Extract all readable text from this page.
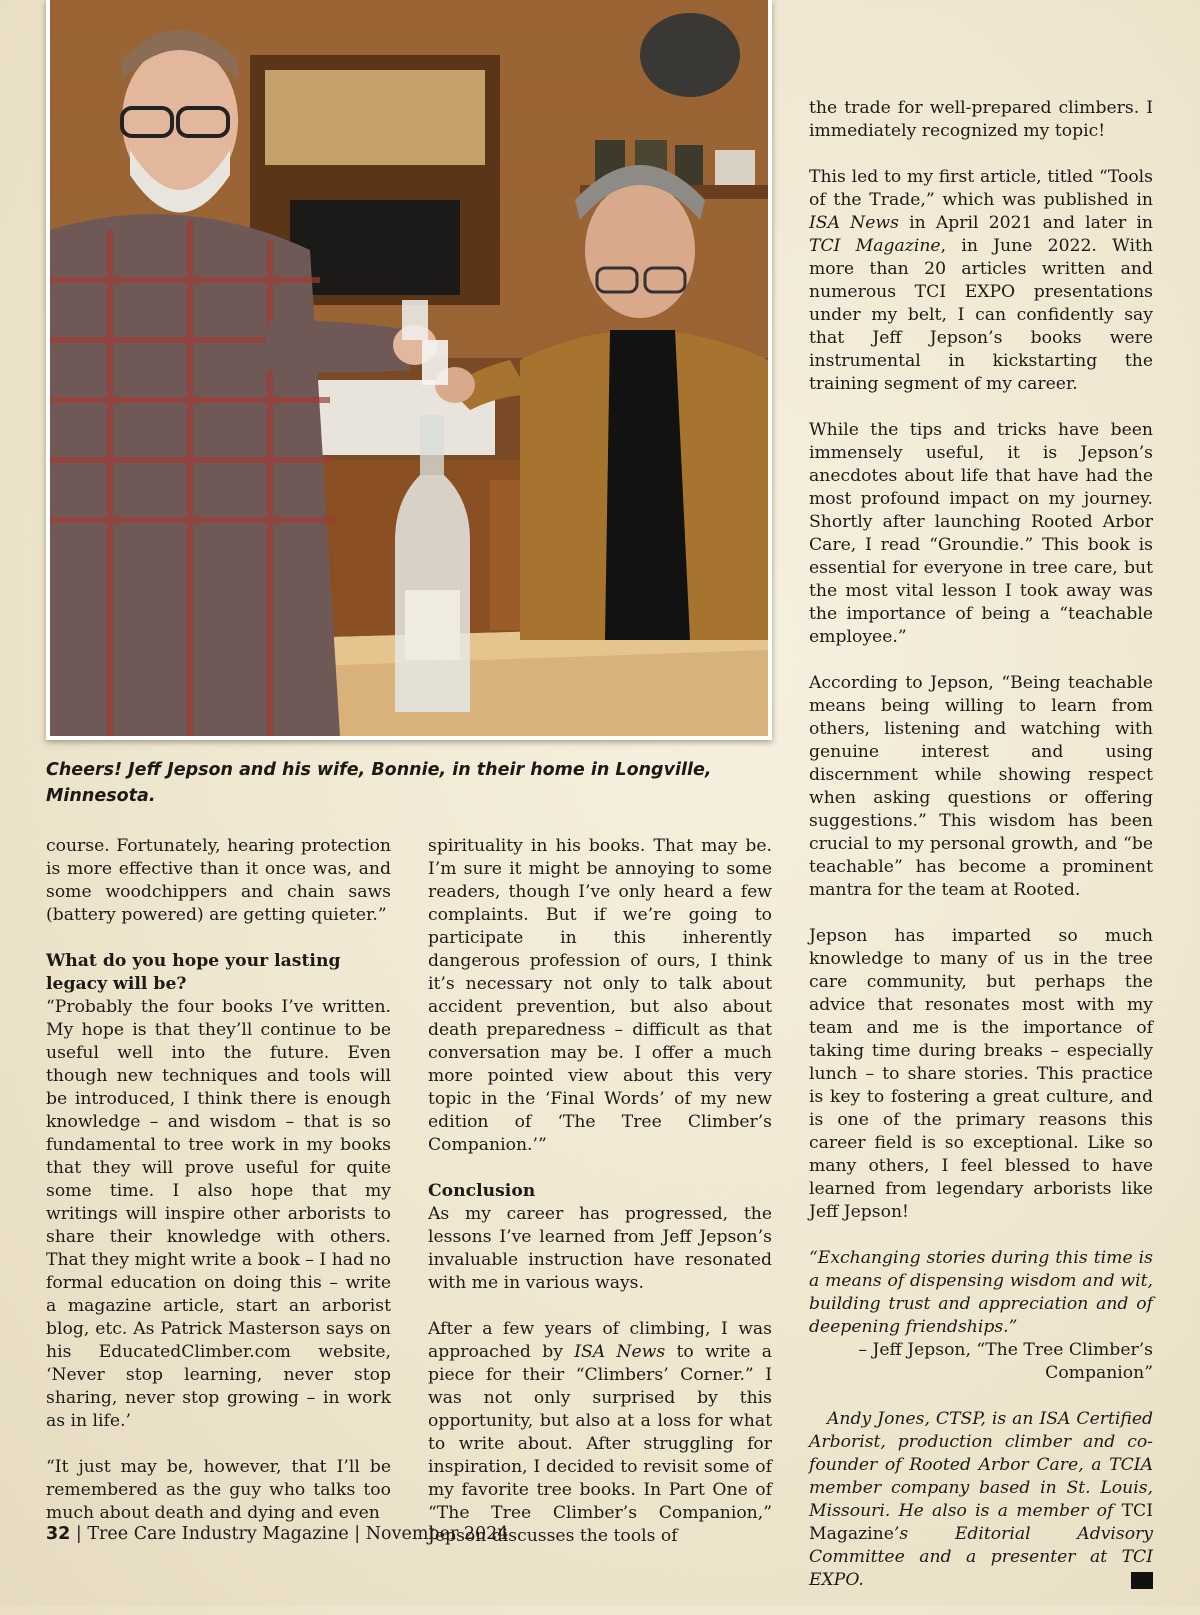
Cheers! Jeff Jepson and his wife, Bonnie, in their home in Longville, Minnesota.

course. Fortunately, hearing protection is more effective than it once was, and some woodchippers and chain saws (battery powered) are getting quieter.”

What do you hope your lasting legacy will be?

“Probably the four books I’ve written. My hope is that they’ll continue to be useful well into the future. Even though new techniques and tools will be introduced, I think there is enough knowledge – and wisdom – that is so fundamental to tree work in my books that they will prove useful for quite some time. I also hope that my writings will inspire other arborists to share their knowledge with others. That they might write a book – I had no formal education on doing this – write a magazine article, start an arborist blog, etc. As Patrick Masterson says on his EducatedClimber.com website, ‘Never stop learning, never stop sharing, never stop growing – in work as in life.’

“It just may be, however, that I’ll be remembered as the guy who talks too much about death and dying and even

spirituality in his books. That may be. I’m sure it might be annoying to some readers, though I’ve only heard a few complaints. But if we’re going to participate in this inherently dangerous profession of ours, I think it’s necessary not only to talk about accident prevention, but also about death preparedness – difficult as that conversation may be. I offer a much more pointed view about this very topic in the ‘Final Words’ of my new edition of ‘The Tree Climber’s Companion.’”

Conclusion

As my career has progressed, the lessons I’ve learned from Jeff Jepson’s invaluable instruction have resonated with me in various ways.

After a few years of climbing, I was approached by ISA News to write a piece for their “Climbers’ Corner.” I was not only surprised by this opportunity, but also at a loss for what to write about. After struggling for inspiration, I decided to revisit some of my favorite tree books. In Part One of “The Tree Climber’s Companion,” Jepson discusses the tools of

the trade for well-prepared climbers. I immediately recognized my topic!

This led to my first article, titled “Tools of the Trade,” which was published in ISA News in April 2021 and later in TCI Magazine, in June 2022. With more than 20 articles written and numerous TCI EXPO presentations under my belt, I can confidently say that Jeff Jepson’s books were instrumental in kickstarting the training segment of my career.

While the tips and tricks have been immensely useful, it is Jepson’s anecdotes about life that have had the most profound impact on my journey. Shortly after launching Rooted Arbor Care, I read “Groundie.” This book is essential for everyone in tree care, but the most vital lesson I took away was the importance of being a “teachable employee.”

According to Jepson, “Being teachable means being willing to learn from others, listening and watching with genuine interest and using discernment while showing respect when asking questions or offering suggestions.” This wisdom has been crucial to my personal growth, and “be teachable” has become a prominent mantra for the team at Rooted.

Jepson has imparted so much knowledge to many of us in the tree care community, but perhaps the advice that resonates most with my team and me is the importance of taking time during breaks – especially lunch – to share stories. This practice is key to fostering a great culture, and is one of the primary reasons this career field is so exceptional. Like so many others, I feel blessed to have learned from legendary arborists like Jeff Jepson!

“Exchanging stories during this time is a means of dispensing wisdom and wit, building trust and appreciation and of deepening friendships.”

– Jeff Jepson, “The Tree Climber’s Companion”

Andy Jones, CTSP, is an ISA Certified Arborist, production climber and co-founder of Rooted Arbor Care, a TCIA member company based in St. Louis, Missouri. He also is a member of TCI Magazine’s Editorial Advisory Committee and a presenter at TCI EXPO.

32 | Tree Care Industry Magazine | November 2024
